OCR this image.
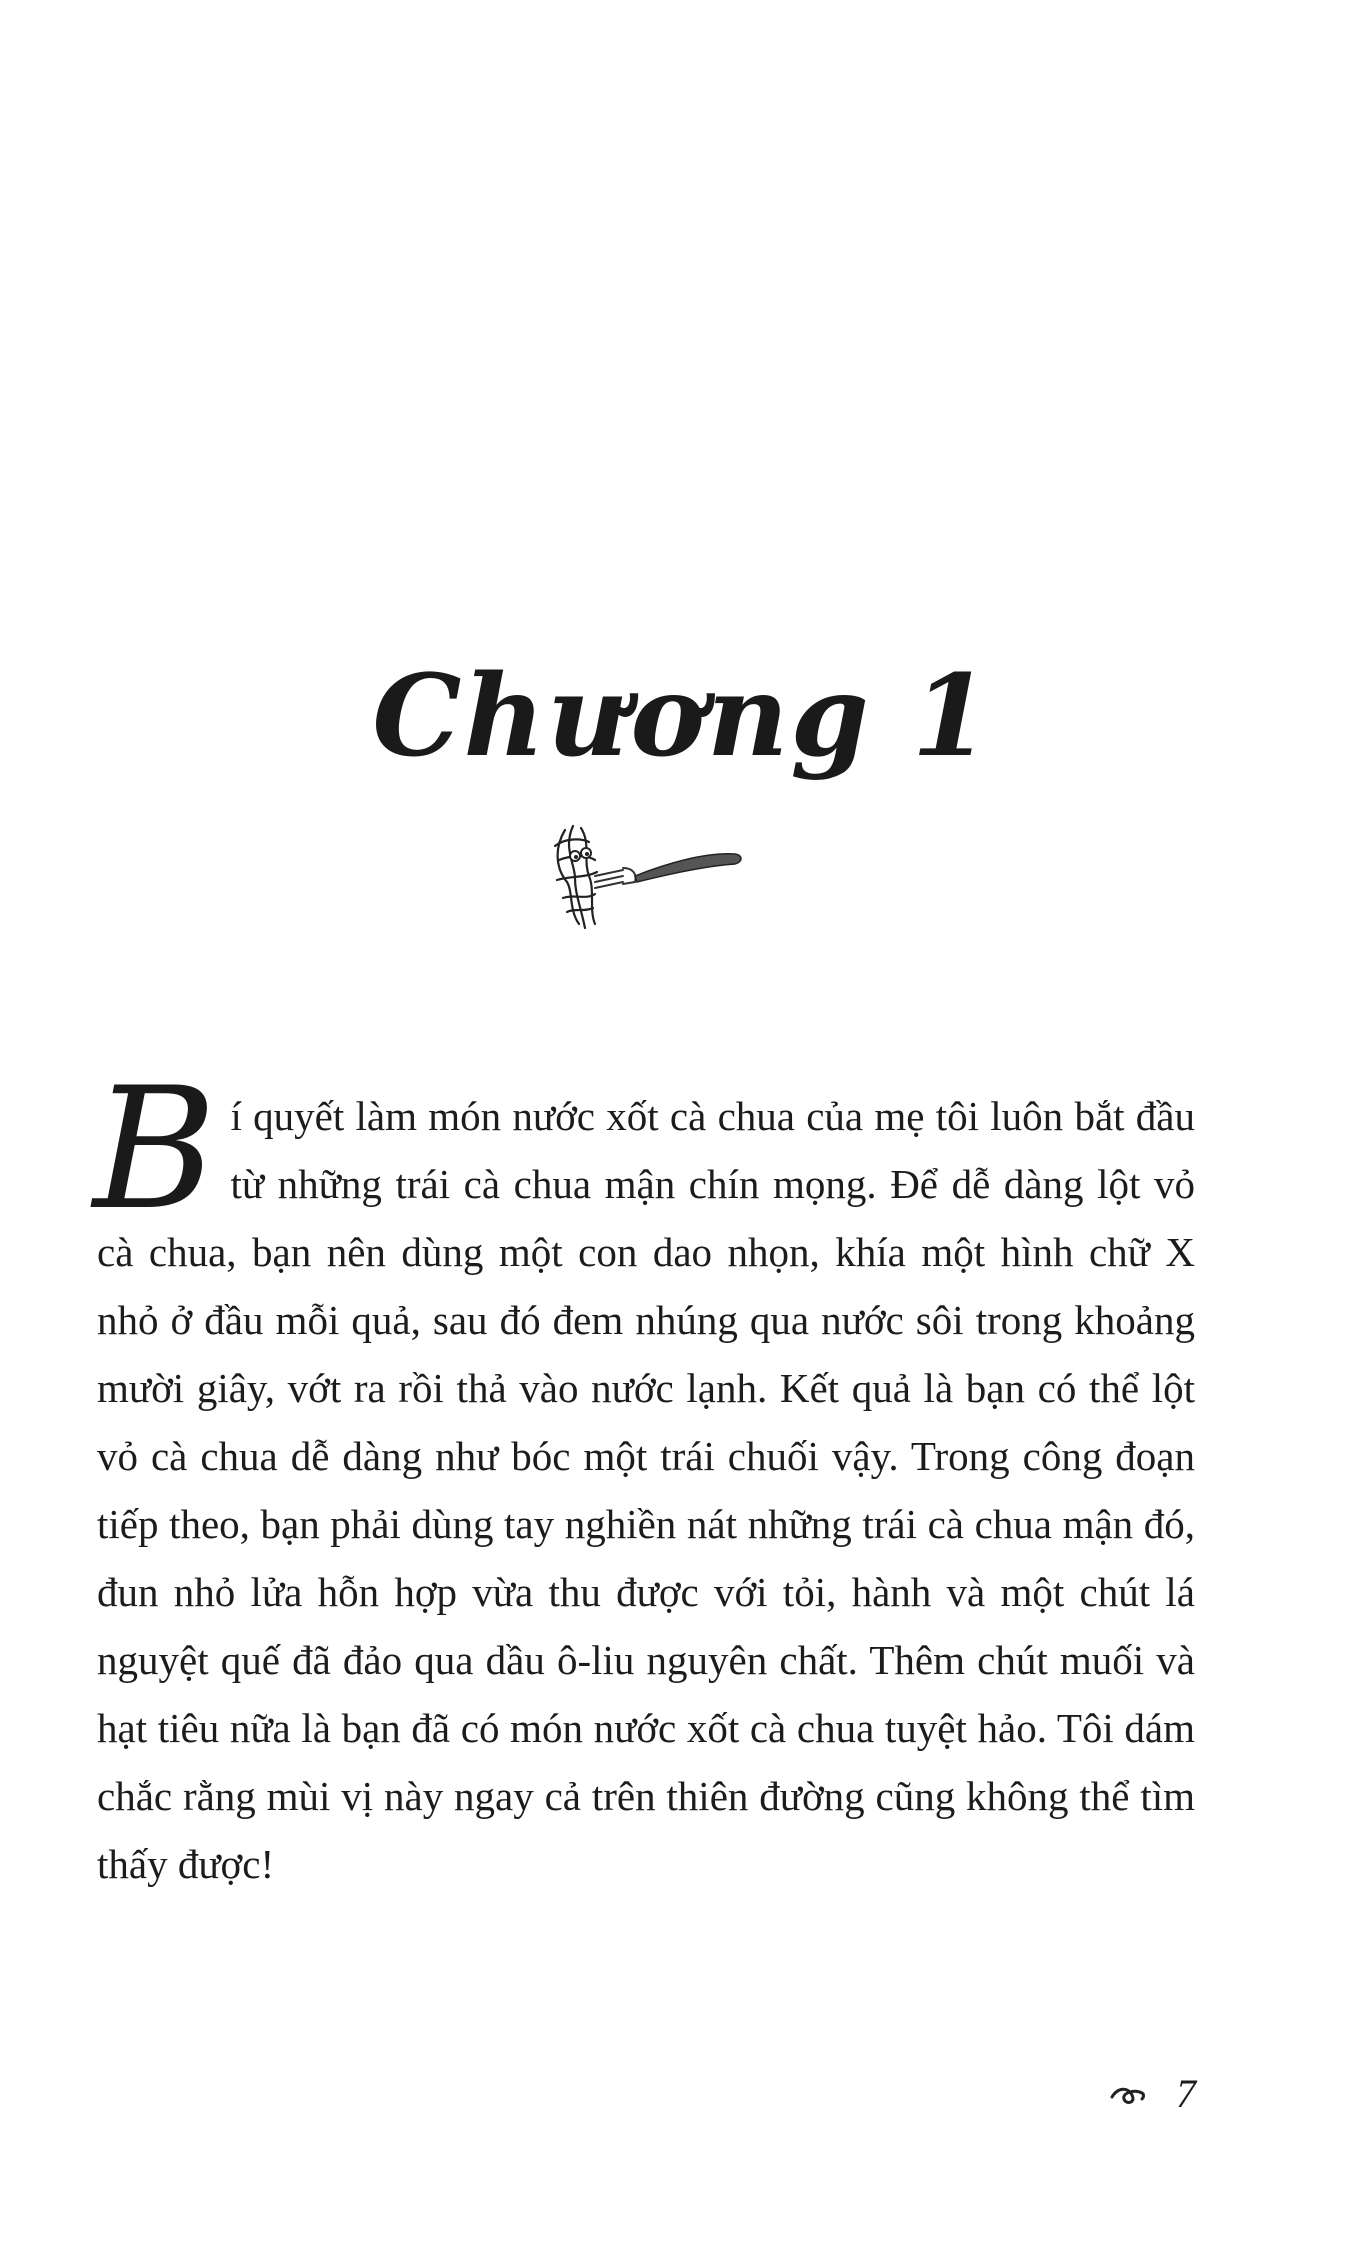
Chương 1
Bí quyết làm món nước xốt cà chua của mẹ tôi luôn bắt đầu từ những trái cà chua mận chín mọng. Để dễ dàng lột vỏ cà chua, bạn nên dùng một con dao nhọn, khía một hình chữ X nhỏ ở đầu mỗi quả, sau đó đem nhúng qua nước sôi trong khoảng mười giây, vớt ra rồi thả vào nước lạnh. Kết quả là bạn có thể lột vỏ cà chua dễ dàng như bóc một trái chuối vậy. Trong công đoạn tiếp theo, bạn phải dùng tay nghiền nát những trái cà chua mận đó, đun nhỏ lửa hỗn hợp vừa thu được với tỏi, hành và một chút lá nguyệt quế đã đảo qua dầu ô-liu nguyên chất. Thêm chút muối và hạt tiêu nữa là bạn đã có món nước xốt cà chua tuyệt hảo. Tôi dám chắc rằng mùi vị này ngay cả trên thiên đường cũng không thể tìm thấy được!
7
